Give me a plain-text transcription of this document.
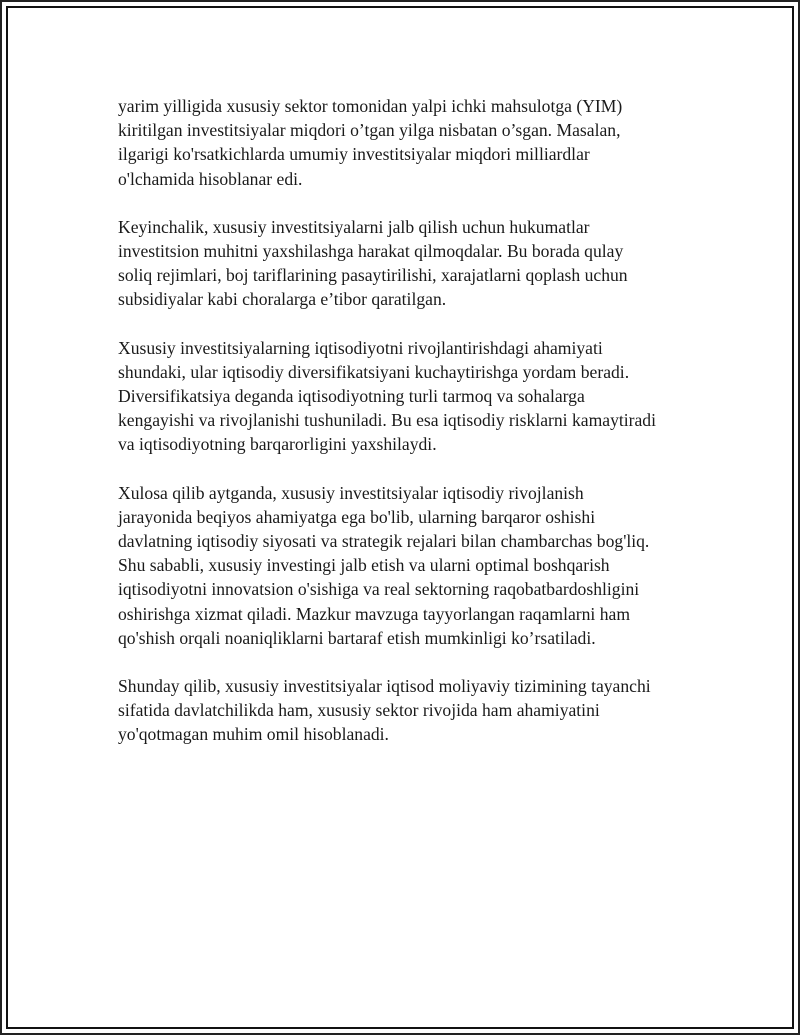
yarim yilligida xususiy sektor tomonidan yalpi ichki mahsulotga (YIM)
kiritilgan investitsiyalar miqdori o’tgan yilga nisbatan o’sgan. Masalan,
ilgarigi ko'rsatkichlarda umumiy investitsiyalar miqdori milliardlar
o'lchamida hisoblanar edi.

Keyinchalik, xususiy investitsiyalarni jalb qilish uchun hukumatlar
investitsion muhitni yaxshilashga harakat qilmoqdalar. Bu borada qulay
soliq rejimlari, boj tariflarining pasaytirilishi, xarajatlarni qoplash uchun
subsidiyalar kabi choralarga e’tibor qaratilgan.

Xususiy investitsiyalarning iqtisodiyotni rivojlantirishdagi ahamiyati
shundaki, ular iqtisodiy diversifikatsiyani kuchaytirishga yordam beradi.
Diversifikatsiya deganda iqtisodiyotning turli tarmoq va sohalarga
kengayishi va rivojlanishi tushuniladi. Bu esa iqtisodiy risklarni kamaytiradi
va iqtisodiyotning barqarorligini yaxshilaydi.

Xulosa qilib aytganda, xususiy investitsiyalar iqtisodiy rivojlanish
jarayonida beqiyos ahamiyatga ega bo'lib, ularning barqaror oshishi
davlatning iqtisodiy siyosati va strategik rejalari bilan chambarchas bog'liq.
Shu sababli, xususiy investingi jalb etish va ularni optimal boshqarish
iqtisodiyotni innovatsion o'sishiga va real sektorning raqobatbardoshligini
oshirishga xizmat qiladi. Mazkur mavzuga tayyorlangan raqamlarni ham
qo'shish orqali noaniqliklarni bartaraf etish mumkinligi ko’rsatiladi.

Shunday qilib, xususiy investitsiyalar iqtisod moliyaviy tizimining tayanchi
sifatida davlatchilikda ham, xususiy sektor rivojida ham ahamiyatini
yo'qotmagan muhim omil hisoblanadi.
